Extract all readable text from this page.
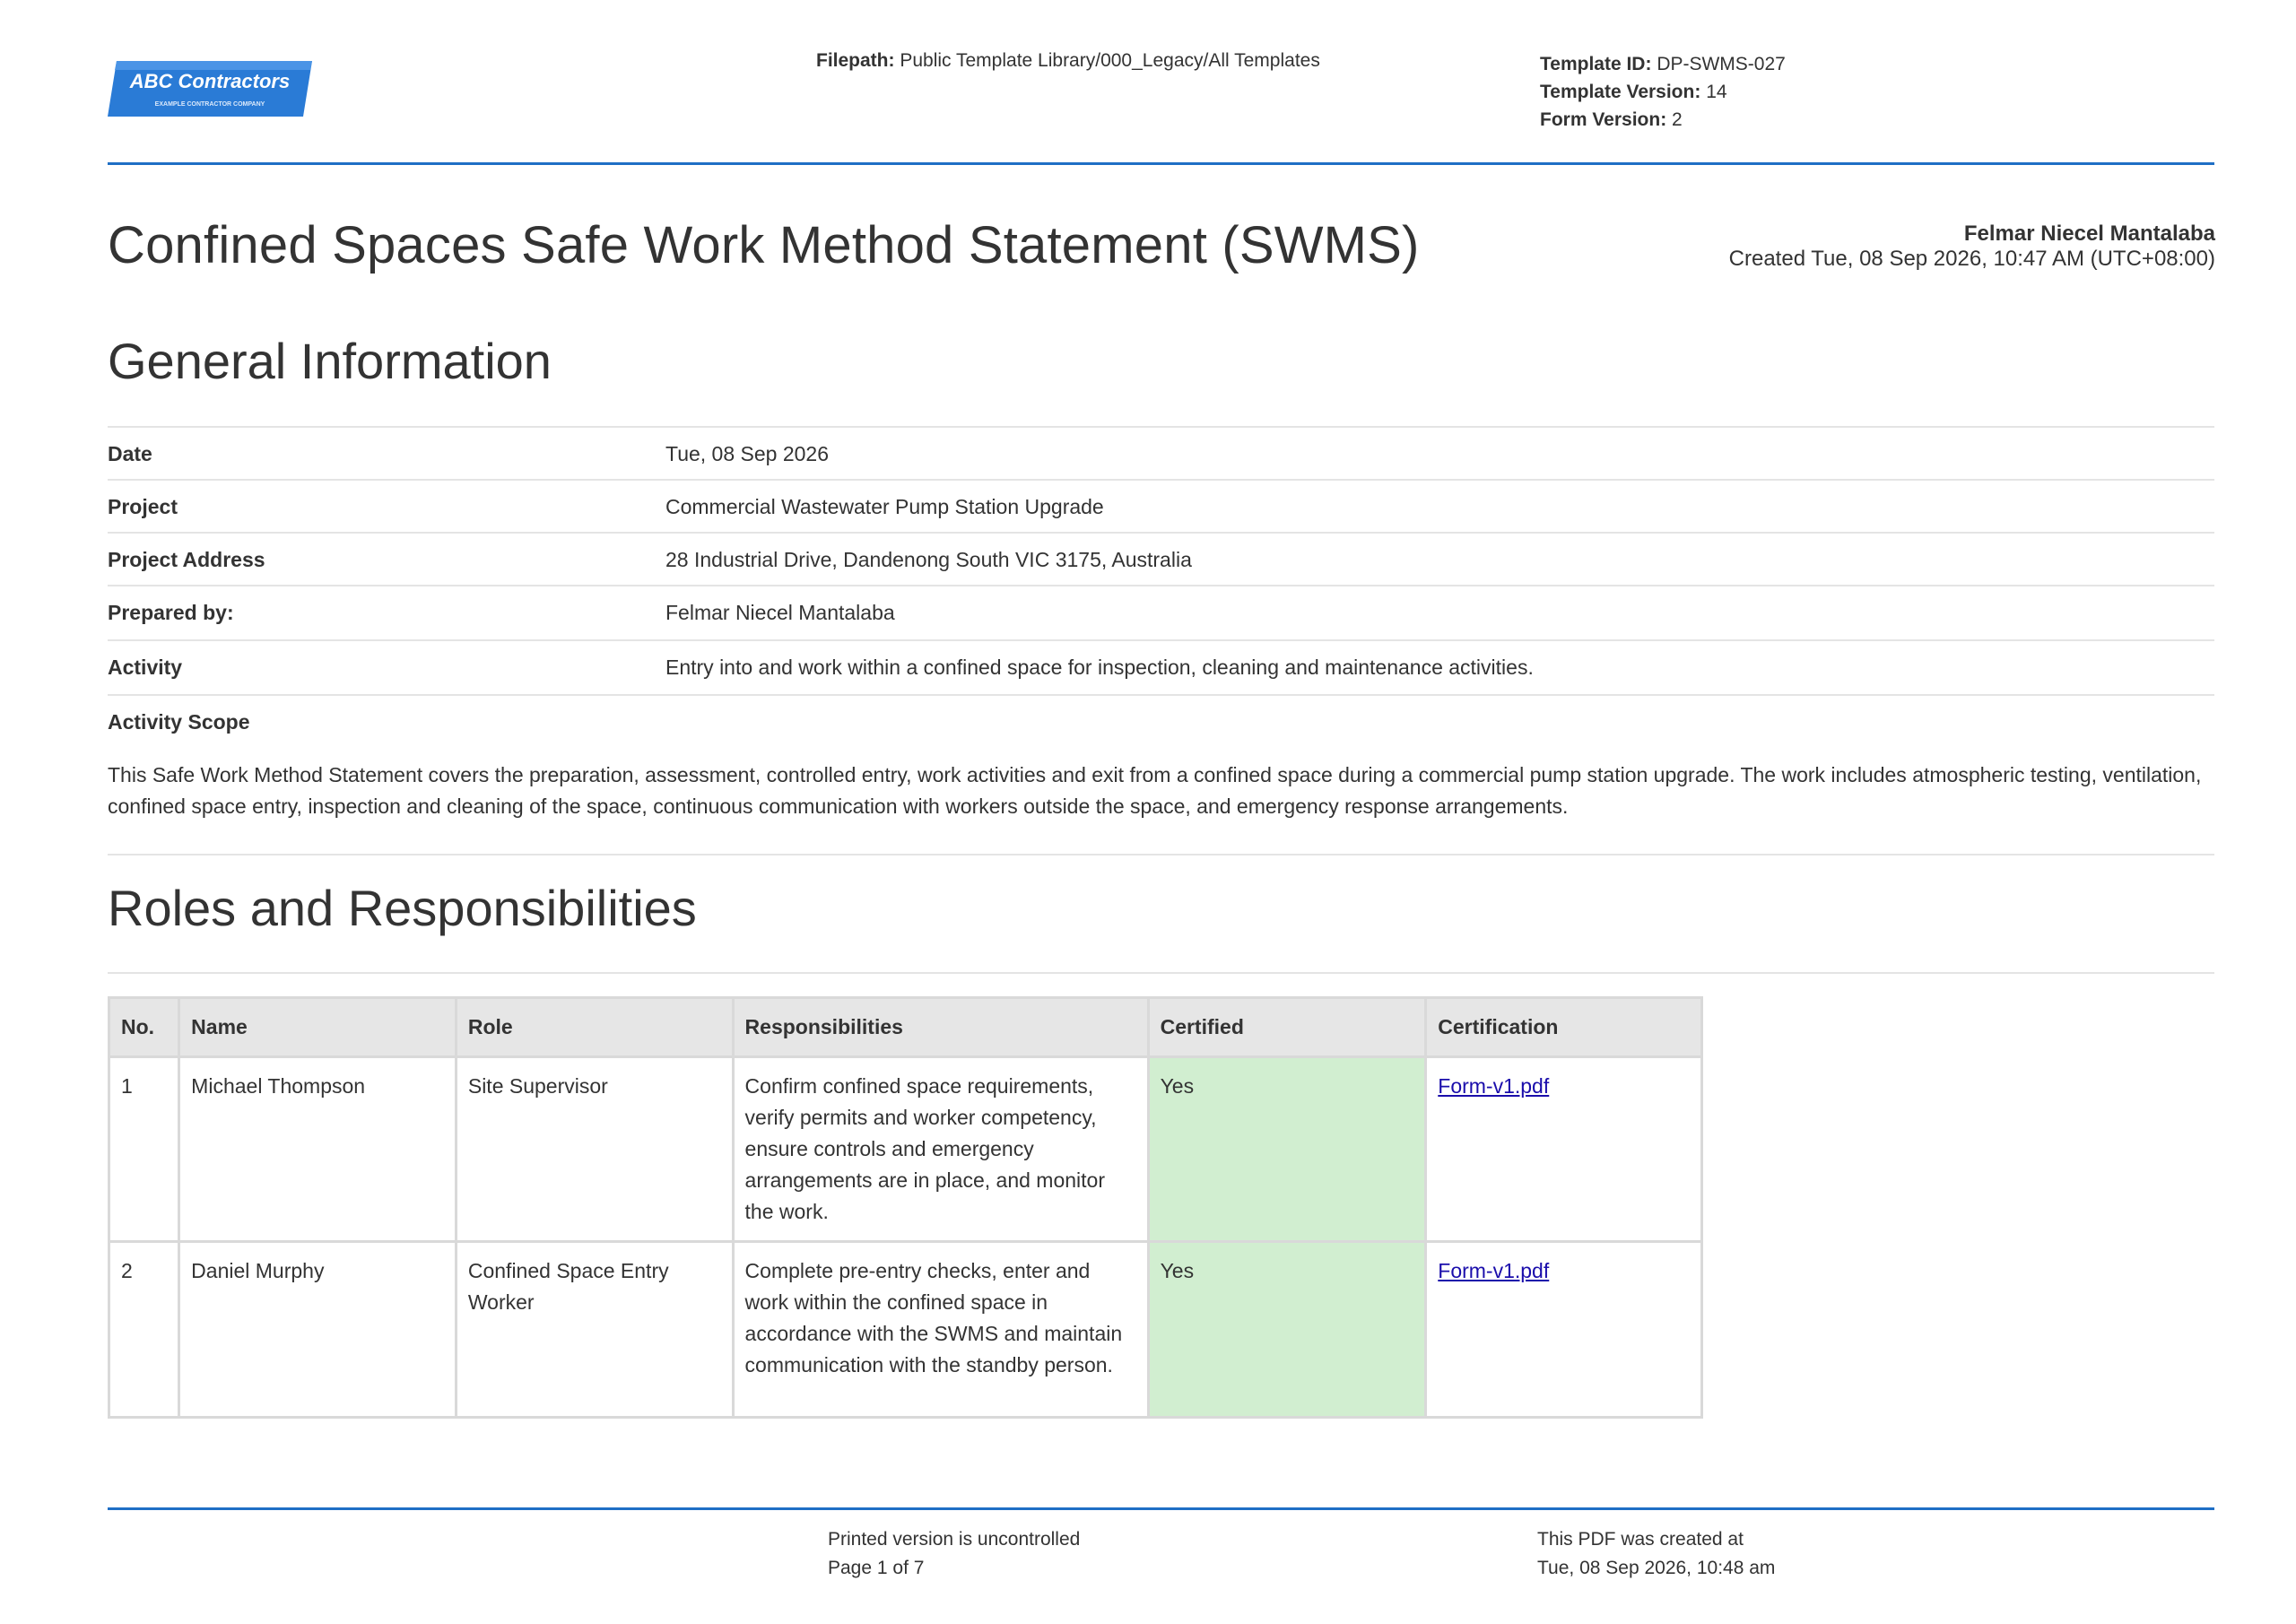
ABC Contractors
EXAMPLE CONTRACTOR COMPANY
Filepath: Public Template Library/000_Legacy/All Templates	Template ID: DP-SWMS-027
Template Version: 14
Form Version: 2
Confined Spaces Safe Work Method Statement (SWMS)	Felmar Niecel Mantalaba
Created Tue, 08 Sep 2026, 10:47 AM (UTC+08:00)
General Information
Date	Tue, 08 Sep 2026
Project	Commercial Wastewater Pump Station Upgrade
Project Address	28 Industrial Drive, Dandenong South VIC 3175, Australia
Prepared by:	Felmar Niecel Mantalaba
Activity	Entry into and work within a confined space for inspection, cleaning and maintenance activities.
Activity Scope
This Safe Work Method Statement covers the preparation, assessment, controlled entry, work activities and exit from a confined space during a commercial pump station upgrade. The work includes atmospheric testing, ventilation, confined space entry, inspection and cleaning of the space, continuous communication with workers outside the space, and emergency response arrangements.
Roles and Responsibilities
No.	Name	Role	Responsibilities	Certified	Certification
1	Michael Thompson	Site Supervisor	Confirm confined space requirements, verify permits and worker competency, ensure controls and emergency arrangements are in place, and monitor the work.	Yes	Form-v1.pdf
2	Daniel Murphy	Confined Space Entry Worker	Complete pre-entry checks, enter and work within the confined space in accordance with the SWMS and maintain communication with the standby person.	Yes	Form-v1.pdf
Printed version is uncontrolled
Page 1 of 7
This PDF was created at
Tue, 08 Sep 2026, 10:48 am
